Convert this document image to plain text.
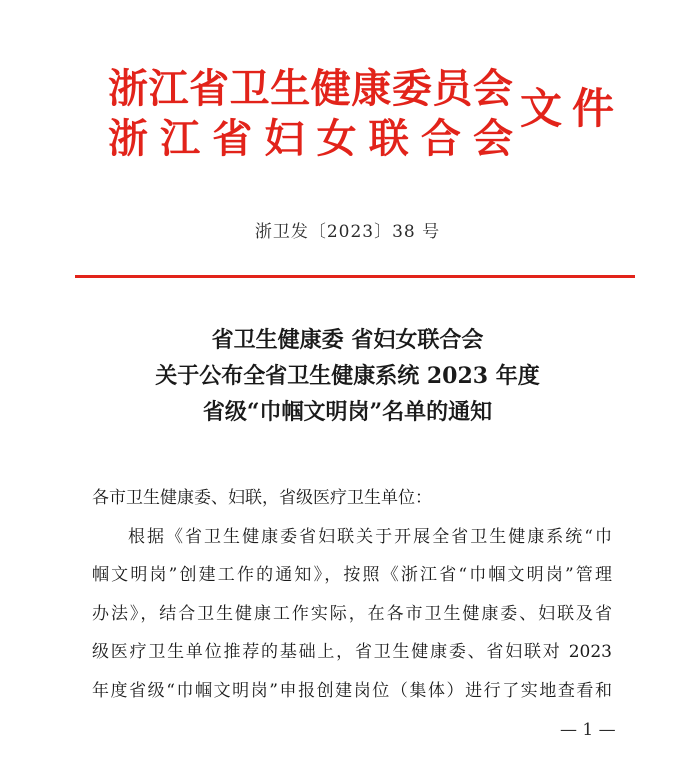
浙 江 省 卫 生 健 康 委 员 会
浙 江 省 妇 女 联 合 会
文件
浙卫发〔2023〕38 号
省卫生健康委 省妇女联合会
关于公布全省卫生健康系统 2023 年度
省级“巾帼文明岗”名单的通知
各市卫生健康委、妇联，省级医疗卫生单位：
根据《省卫生健康委省妇联关于开展全省卫生健康系统“巾
帼文明岗”创建工作的通知》，按照《浙江省“巾帼文明岗”管理
办法》，结合卫生健康工作实际，在各市卫生健康委、妇联及省
级医疗卫生单位推荐的基础上，省卫生健康委、省妇联对 2023
年度省级“巾帼文明岗”申报创建岗位（集体）进行了实地查看和
— 1 —
